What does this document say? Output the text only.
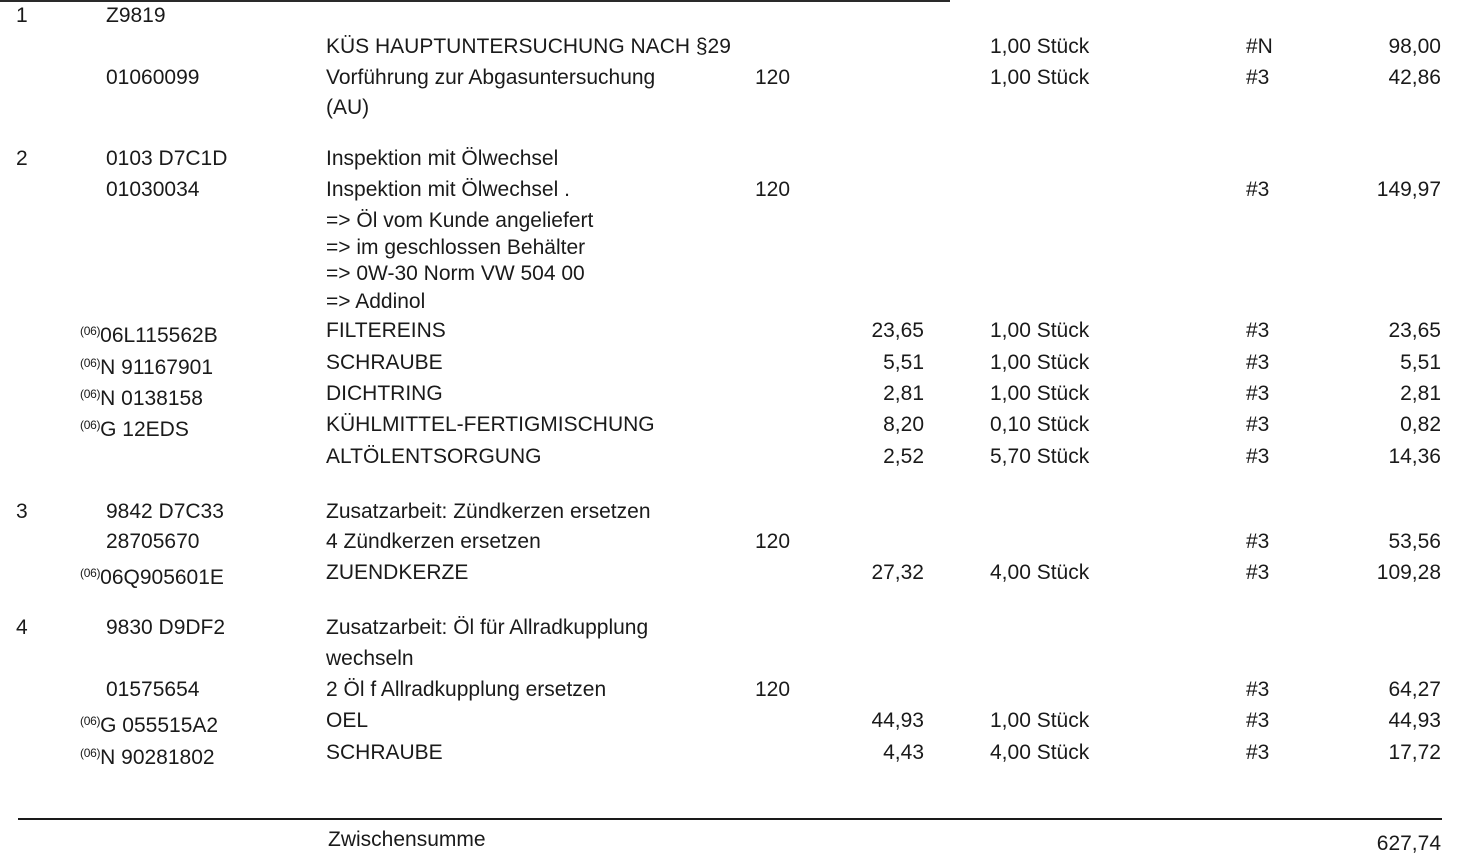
1	Z9819
KÜS HAUPTUNTERSUCHUNG NACH §29	1,00 Stück	#N	98,00
01060099	Vorführung zur Abgasuntersuchung	120	1,00 Stück	#3	42,86
(AU)
2	0103 D7C1D	Inspektion mit Ölwechsel
01030034	Inspektion mit Ölwechsel .	120	#3	149,97
=> Öl vom Kunde angeliefert
=> im geschlossen Behälter
=> 0W-30 Norm VW 504 00
=> Addinol
$^{(06)}$06L115562B	FILTEREINS	23,65	1,00 Stück	#3	23,65
$^{(06)}$N 91167901	SCHRAUBE	5,51	1,00 Stück	#3	5,51
$^{(06)}$N 0138158	DICHTRING	2,81	1,00 Stück	#3	2,81
$^{(06)}$G 12EDS	KÜHLMITTEL-FERTIGMISCHUNG	8,20	0,10 Stück	#3	0,82
ALTÖLENTSORGUNG	2,52	5,70 Stück	#3	14,36
3	9842 D7C33	Zusatzarbeit: Zündkerzen ersetzen
28705670	4 Zündkerzen ersetzen	120	#3	53,56
$^{(06)}$06Q905601E	ZUENDKERZE	27,32	4,00 Stück	#3	109,28
4	9830 D9DF2	Zusatzarbeit: Öl für Allradkupplung
wechseln
01575654	2 Öl f Allradkupplung ersetzen	120	#3	64,27
$^{(06)}$G 055515A2	OEL	44,93	1,00 Stück	#3	44,93
$^{(06)}$N 90281802	SCHRAUBE	4,43	4,00 Stück	#3	17,72
Zwischensumme	627,74
